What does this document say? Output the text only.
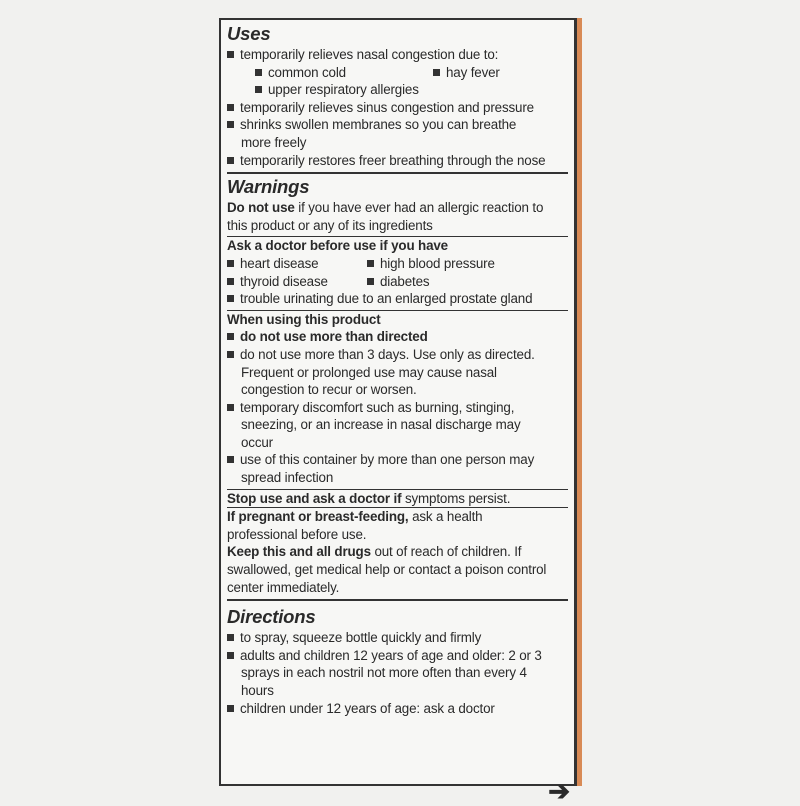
Uses
temporarily relieves nasal congestion due to:
common cold	hay fever
upper respiratory allergies
temporarily relieves sinus congestion and pressure
shrinks swollen membranes so you can breathe
more freely
temporarily restores freer breathing through the nose
Warnings
Do not use if you have ever had an allergic reaction to
this product or any of its ingredients
Ask a doctor before use if you have
heart disease	high blood pressure
thyroid disease	diabetes
trouble urinating due to an enlarged prostate gland
When using this product
do not use more than directed
do not use more than 3 days. Use only as directed.
Frequent or prolonged use may cause nasal
congestion to recur or worsen.
temporary discomfort such as burning, stinging,
sneezing, or an increase in nasal discharge may
occur
use of this container by more than one person may
spread infection
Stop use and ask a doctor if symptoms persist.
If pregnant or breast-feeding, ask a health
professional before use.
Keep this and all drugs out of reach of children. If
swallowed, get medical help or contact a poison control
center immediately.
Directions
to spray, squeeze bottle quickly and firmly
adults and children 12 years of age and older: 2 or 3
sprays in each nostril not more often than every 4
hours
children under 12 years of age: ask a doctor
➔
